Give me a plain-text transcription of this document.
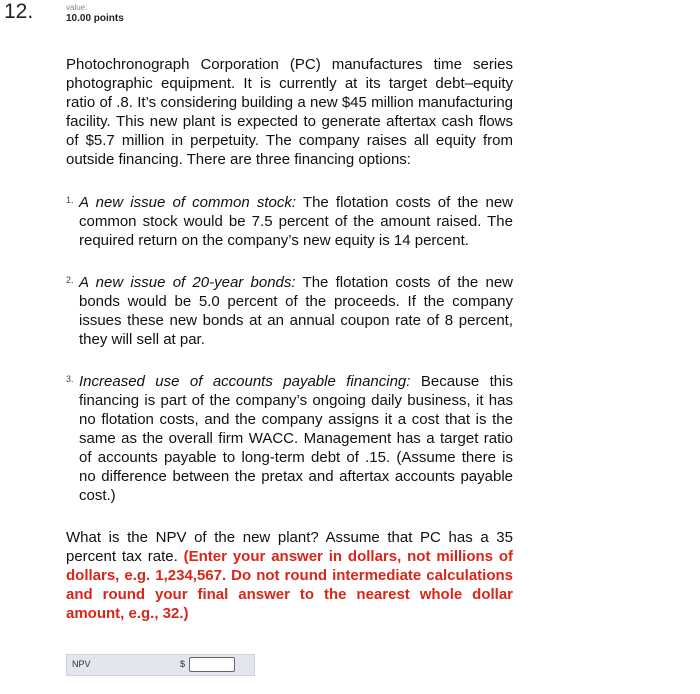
12.	value:
10.00 points

Photochronograph Corporation (PC) manufactures time series photographic equipment. It is currently at its target debt–equity ratio of .8. It’s considering building a new $45 million manufacturing facility. This new plant is expected to generate aftertax cash flows of $5.7 million in perpetuity. The company raises all equity from outside financing. There are three financing options:

1. A new issue of common stock: The flotation costs of the new common stock would be 7.5 percent of the amount raised. The required return on the company’s new equity is 14 percent.

2. A new issue of 20-year bonds: The flotation costs of the new bonds would be 5.0 percent of the proceeds. If the company issues these new bonds at an annual coupon rate of 8 percent, they will sell at par.

3. Increased use of accounts payable financing: Because this financing is part of the company’s ongoing daily business, it has no flotation costs, and the company assigns it a cost that is the same as the overall firm WACC. Management has a target ratio of accounts payable to long-term debt of .15. (Assume there is no difference between the pretax and aftertax accounts payable cost.)

What is the NPV of the new plant? Assume that PC has a 35 percent tax rate. (Enter your answer in dollars, not millions of dollars, e.g. 1,234,567. Do not round intermediate calculations and round your final answer to the nearest whole dollar amount, e.g., 32.)

NPV	$
